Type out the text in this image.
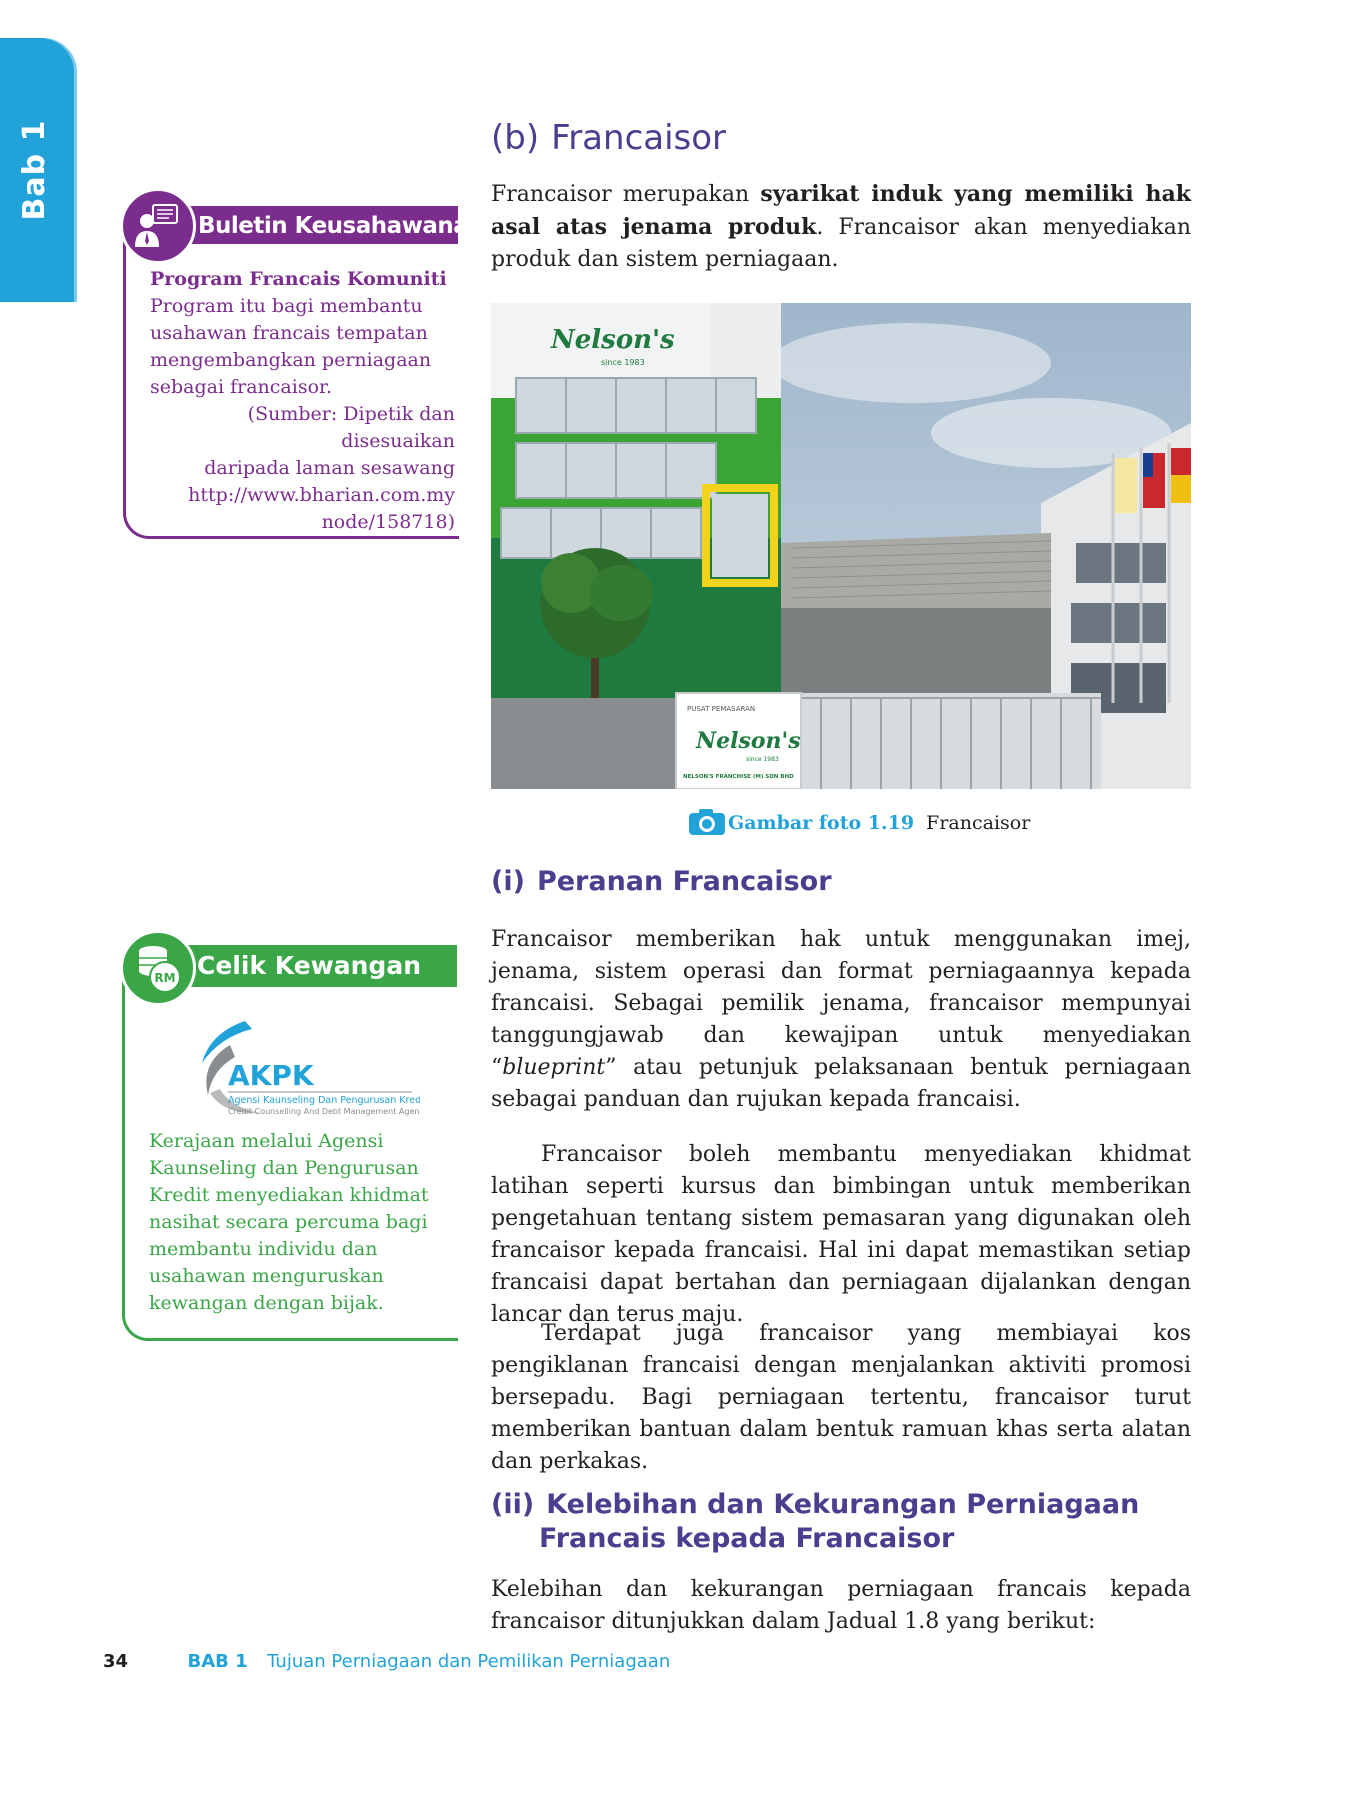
Bab 1	(b) Francaisor

Francaisor merupakan syarikat induk yang memiliki hak asal atas jenama produk. Francaisor akan menyediakan produk dan sistem perniagaan.

Buletin Keusahawanan
Program Francais Komuniti
Program itu bagi membantu usahawan francais tempatan mengembangkan perniagaan sebagai francaisor.
(Sumber: Dipetik dan disesuaikan
daripada laman sesawang
http://www.bharian.com.my
node/158718)
Nelson's
since 1983
PUSAT PEMASARAN
Nelson's
since 1983
NELSON'S FRANCHISE (M) SDN BHD
Gambar foto 1.19 Francaisor
(i) Peranan Francaisor

Francaisor memberikan hak untuk menggunakan imej, jenama, sistem operasi dan format perniagaannya kepada francaisi. Sebagai pemilik jenama, francaisor mempunyai tanggungjawab dan kewajipan untuk menyediakan “blueprint” atau petunjuk pelaksanaan bentuk perniagaan sebagai panduan dan rujukan kepada francaisi.

Francaisor boleh membantu menyediakan khidmat latihan seperti kursus dan bimbingan untuk memberikan pengetahuan tentang sistem pemasaran yang digunakan oleh francaisor kepada francaisi. Hal ini dapat memastikan setiap francaisi dapat bertahan dan perniagaan dijalankan dengan lancar dan terus maju.

Terdapat juga francaisor yang membiayai kos pengiklanan francaisi dengan menjalankan aktiviti promosi bersepadu. Bagi perniagaan tertentu, francaisor turut memberikan bantuan dalam bentuk ramuan khas serta alatan dan perkakas.

Celik Kewangan
RM
AKPK
Agensi Kaunseling Dan Pengurusan Kredit
Credit Counselling And Debt Management Agency
Kerajaan melalui Agensi Kaunseling dan Pengurusan Kredit menyediakan khidmat nasihat secara percuma bagi membantu individu dan usahawan menguruskan kewangan dengan bijak.
(ii) Kelebihan dan Kekurangan Perniagaan
Francais kepada Francaisor

Kelebihan dan kekurangan perniagaan francais kepada francaisor ditunjukkan dalam Jadual 1.8 yang berikut:

34	BAB 1 Tujuan Perniagaan dan Pemilikan Perniagaan
